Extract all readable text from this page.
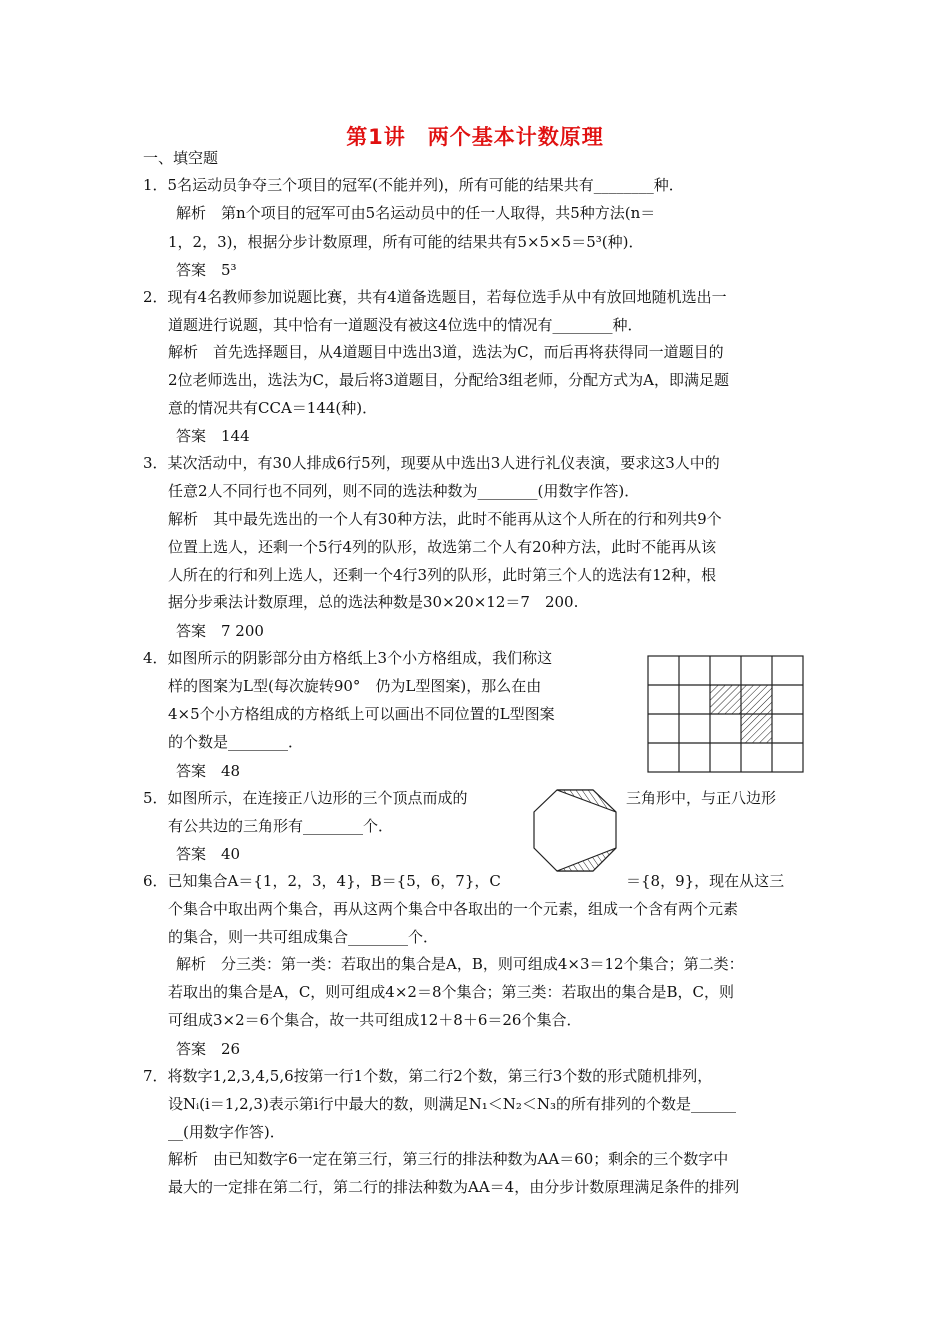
第1讲　两个基本计数原理
一、填空题
1．5名运动员争夺三个项目的冠军(不能并列)，所有可能的结果共有________种．
解析　第n个项目的冠军可由5名运动员中的任一人取得，共5种方法(n＝
1，2，3)，根据分步计数原理，所有可能的结果共有5×5×5＝5³(种)．
答案　5³
2．现有4名教师参加说题比赛，共有4道备选题目，若每位选手从中有放回地随机选出一
道题进行说题，其中恰有一道题没有被这4位选中的情况有________种．
解析　首先选择题目，从4道题目中选出3道，选法为C，而后再将获得同一道题目的
2位老师选出，选法为C，最后将3道题目，分配给3组老师，分配方式为A，即满足题
意的情况共有CCA＝144(种)．
答案　144
3．某次活动中，有30人排成6行5列，现要从中选出3人进行礼仪表演，要求这3人中的
任意2人不同行也不同列，则不同的选法种数为________(用数字作答)．
解析　其中最先选出的一个人有30种方法，此时不能再从这个人所在的行和列共9个
位置上选人，还剩一个5行4列的队形，故选第二个人有20种方法，此时不能再从该
人所在的行和列上选人，还剩一个4行3列的队形，此时第三个人的选法有12种，根
据分步乘法计数原理，总的选法种数是30×20×12＝7　200.
答案　7 200
4．如图所示的阴影部分由方格纸上3个小方格组成，我们称这
样的图案为L型(每次旋转90°　仍为L型图案)，那么在由
4×5个小方格组成的方格纸上可以画出不同位置的L型图案
的个数是________．
答案　48
5．如图所示，在连接正八边形的三个顶点而成的	三角形中，与正八边形
有公共边的三角形有________个．
答案　40
6．已知集合A＝{1，2，3，4}，B＝{5，6，7}，C	＝{8，9}，现在从这三
个集合中取出两个集合，再从这两个集合中各取出的一个元素，组成一个含有两个元素
的集合，则一共可组成集合________个．
解析　分三类：第一类：若取出的集合是A，B，则可组成4×3＝12个集合；第二类：
若取出的集合是A，C，则可组成4×2＝8个集合；第三类：若取出的集合是B，C，则
可组成3×2＝6个集合，故一共可组成12＋8＋6＝26个集合．
答案　26
7．将数字1,2,3,4,5,6按第一行1个数，第二行2个数，第三行3个数的形式随机排列，
设Nᵢ(i＝1,2,3)表示第i行中最大的数，则满足N₁＜N₂＜N₃的所有排列的个数是______
__(用数字作答)．
解析　由已知数字6一定在第三行，第三行的排法种数为AA＝60；剩余的三个数字中
最大的一定排在第二行，第二行的排法种数为AA＝4，由分步计数原理满足条件的排列
